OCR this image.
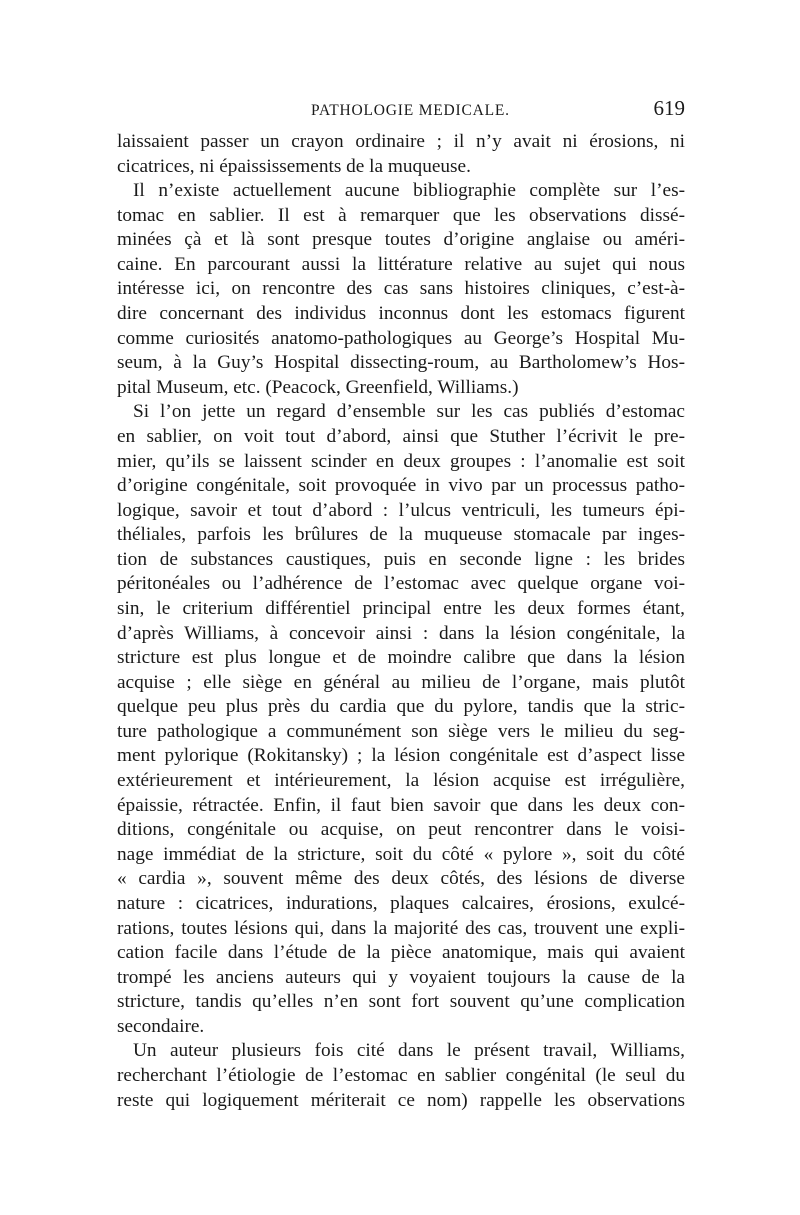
PATHOLOGIE MEDICALE.	619
laissaient passer un crayon ordinaire ; il n’y avait ni érosions, ni
cicatrices, ni épaississements de la muqueuse.
Il n’existe actuellement aucune bibliographie complète sur l’es-
tomac en sablier. Il est à remarquer que les observations dissé-
minées çà et là sont presque toutes d’origine anglaise ou améri-
caine. En parcourant aussi la littérature relative au sujet qui nous
intéresse ici, on rencontre des cas sans histoires cliniques, c’est-à-
dire concernant des individus inconnus dont les estomacs figurent
comme curiosités anatomo-pathologiques au George’s Hospital Mu-
seum, à la Guy’s Hospital dissecting-roum, au Bartholomew’s Hos-
pital Museum, etc. (Peacock, Greenfield, Williams.)
Si l’on jette un regard d’ensemble sur les cas publiés d’estomac
en sablier, on voit tout d’abord, ainsi que Stuther l’écrivit le pre-
mier, qu’ils se laissent scinder en deux groupes : l’anomalie est soit
d’origine congénitale, soit provoquée in vivo par un processus patho-
logique, savoir et tout d’abord : l’ulcus ventriculi, les tumeurs épi-
théliales, parfois les brûlures de la muqueuse stomacale par inges-
tion de substances caustiques, puis en seconde ligne : les brides
péritonéales ou l’adhérence de l’estomac avec quelque organe voi-
sin, le criterium différentiel principal entre les deux formes étant,
d’après Williams, à concevoir ainsi : dans la lésion congénitale, la
stricture est plus longue et de moindre calibre que dans la lésion
acquise ; elle siège en général au milieu de l’organe, mais plutôt
quelque peu plus près du cardia que du pylore, tandis que la stric-
ture pathologique a communément son siège vers le milieu du seg-
ment pylorique (Rokitansky) ; la lésion congénitale est d’aspect lisse
extérieurement et intérieurement, la lésion acquise est irrégulière,
épaissie, rétractée. Enfin, il faut bien savoir que dans les deux con-
ditions, congénitale ou acquise, on peut rencontrer dans le voisi-
nage immédiat de la stricture, soit du côté « pylore », soit du côté
« cardia », souvent même des deux côtés, des lésions de diverse
nature : cicatrices, indurations, plaques calcaires, érosions, exulcé-
rations, toutes lésions qui, dans la majorité des cas, trouvent une expli-
cation facile dans l’étude de la pièce anatomique, mais qui avaient
trompé les anciens auteurs qui y voyaient toujours la cause de la
stricture, tandis qu’elles n’en sont fort souvent qu’une complication
secondaire.
Un auteur plusieurs fois cité dans le présent travail, Williams,
recherchant l’étiologie de l’estomac en sablier congénital (le seul du
reste qui logiquement mériterait ce nom) rappelle les observations
